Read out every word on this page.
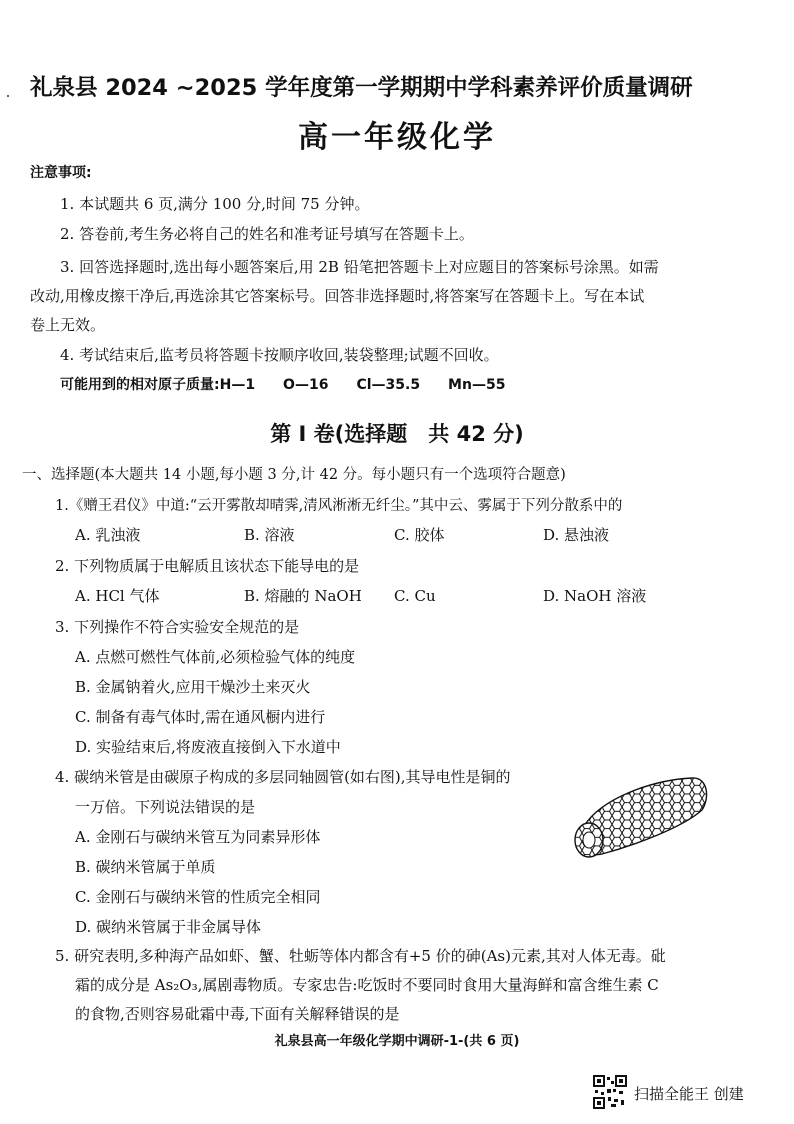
礼泉县 2024 ~2025 学年度第一学期期中学科素养评价质量调研
高一年级化学
注意事项:
1. 本试题共 6 页,满分 100 分,时间 75 分钟。
2. 答卷前,考生务必将自己的姓名和准考证号填写在答题卡上。
3. 回答选择题时,选出每小题答案后,用 2B 铅笔把答题卡上对应题目的答案标号涂黑。如需
改动,用橡皮擦干净后,再选涂其它答案标号。回答非选择题时,将答案写在答题卡上。写在本试
卷上无效。
4. 考试结束后,监考员将答题卡按顺序收回,装袋整理;试题不回收。
可能用到的相对原子质量:H—1　　O—16　　Cl—35.5　　Mn—55
第 I 卷(选择题　共 42 分)
一、选择题(本大题共 14 小题,每小题 3 分,计 42 分。每小题只有一个选项符合题意)
1.《赠王君仪》中道:“云开雾散却晴霁,清风淅淅无纤尘。”其中云、雾属于下列分散系中的
A. 乳浊液	B. 溶液	C. 胶体	D. 悬浊液
2. 下列物质属于电解质且该状态下能导电的是
A. HCl 气体	B. 熔融的 NaOH C. Cu	D. NaOH 溶液
3. 下列操作不符合实验安全规范的是
A. 点燃可燃性气体前,必须检验气体的纯度
B. 金属钠着火,应用干燥沙土来灭火
C. 制备有毒气体时,需在通风橱内进行
D. 实验结束后,将废液直接倒入下水道中
4. 碳纳米管是由碳原子构成的多层同轴圆管(如右图),其导电性是铜的
一万倍。下列说法错误的是
A. 金刚石与碳纳米管互为同素异形体
B. 碳纳米管属于单质
C. 金刚石与碳纳米管的性质完全相同
D. 碳纳米管属于非金属导体
5. 研究表明,多种海产品如虾、蟹、牡蛎等体内都含有+5 价的砷(As)元素,其对人体无毒。砒
霜的成分是 As₂O₃,属剧毒物质。专家忠告:吃饭时不要同时食用大量海鲜和富含维生素 C
的食物,否则容易砒霜中毒,下面有关解释错误的是
礼泉县高一年级化学期中调研-1-(共 6 页)
扫描全能王 创建
